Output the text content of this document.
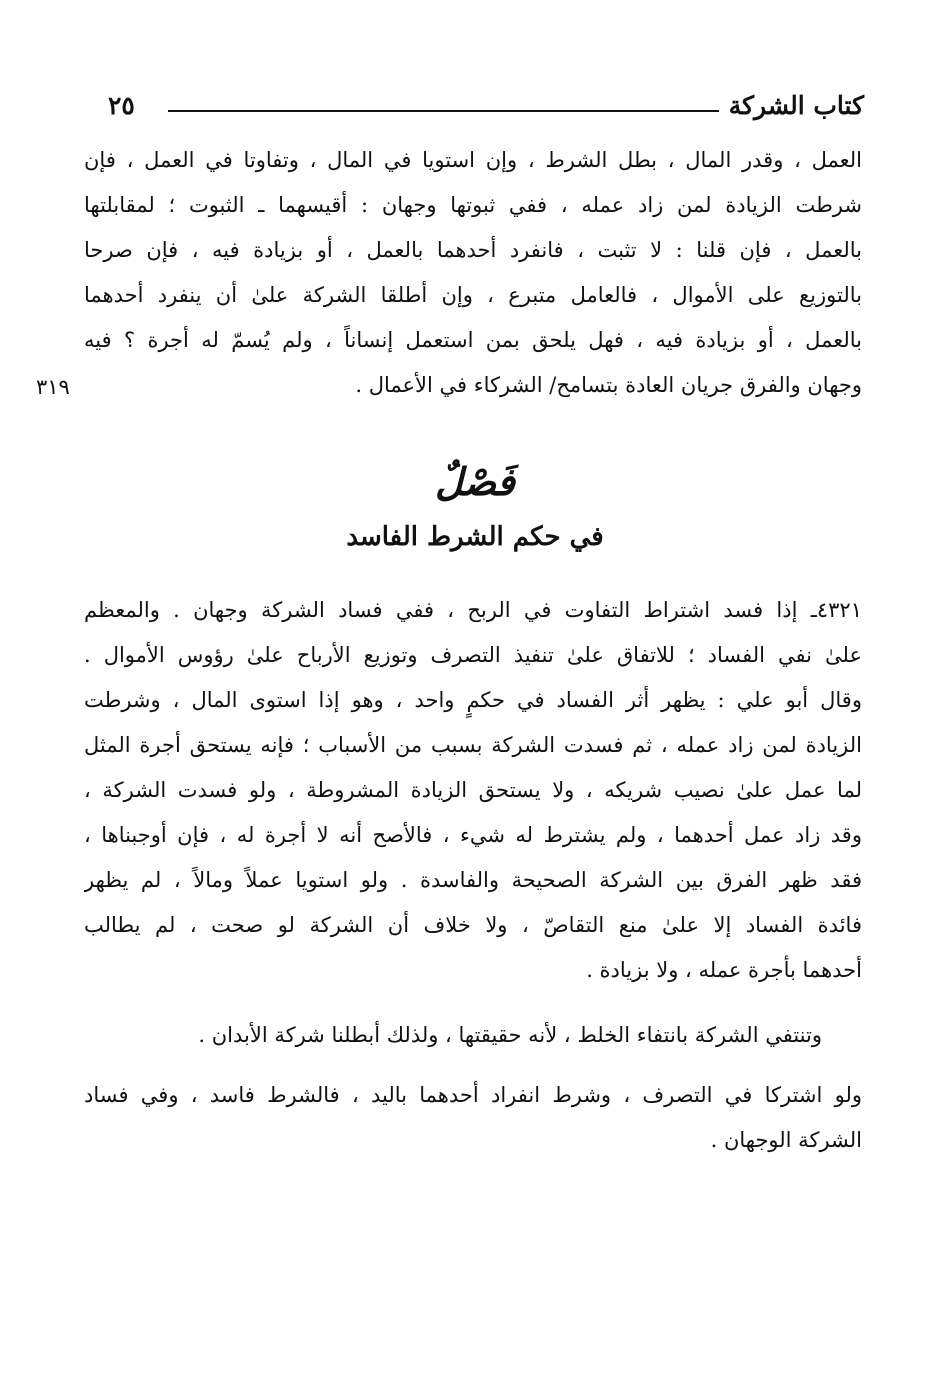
كتاب الشركة
٢٥
العمل ، وقدر المال ، بطل الشرط ، وإن استويا في المال ، وتفاوتا في العمل ، فإن
شرطت الزيادة لمن زاد عمله ، ففي ثبوتها وجهان : أقيسهما ـ الثبوت ؛ لمقابلتها
بالعمل ، فإن قلنا : لا تثبت ، فانفرد أحدهما بالعمل ، أو بزيادة فيه ، فإن صرحا
بالتوزيع على الأموال ، فالعامل متبرع ، وإن أطلقا الشركة علىٰ أن ينفرد أحدهما
بالعمل ، أو بزيادة فيه ، فهل يلحق بمن استعمل إنساناً ، ولم يُسمّ له أجرة ؟ فيه
وجهان والفرق جريان العادة بتسامح/ الشركاء في الأعمال .
٣١٩
فَصْلٌ
في حكم الشرط الفاسد
٤٣٢١ـ إذا فسد اشتراط التفاوت في الربح ، ففي فساد الشركة وجهان . والمعظم
علىٰ نفي الفساد ؛ للاتفاق علىٰ تنفيذ التصرف وتوزيع الأرباح علىٰ رؤوس الأموال .
وقال أبو علي : يظهر أثر الفساد في حكمٍ واحد ، وهو إذا استوى المال ، وشرطت
الزيادة لمن زاد عمله ، ثم فسدت الشركة بسبب من الأسباب ؛ فإنه يستحق أجرة المثل
لما عمل علىٰ نصيب شريكه ، ولا يستحق الزيادة المشروطة ، ولو فسدت الشركة ،
وقد زاد عمل أحدهما ، ولم يشترط له شيء ، فالأصح أنه لا أجرة له ، فإن أوجبناها ،
فقد ظهر الفرق بين الشركة الصحيحة والفاسدة . ولو استويا عملاً ومالاً ، لم يظهر
فائدة الفساد إلا علىٰ منع التقاصّ ، ولا خلاف أن الشركة لو صحت ، لم يطالب
أحدهما بأجرة عمله ، ولا بزيادة .
وتنتفي الشركة بانتفاء الخلط ، لأنه حقيقتها ، ولذلك أبطلنا شركة الأبدان .
ولو اشتركا في التصرف ، وشرط انفراد أحدهما باليد ، فالشرط فاسد ، وفي فساد
الشركة الوجهان .
